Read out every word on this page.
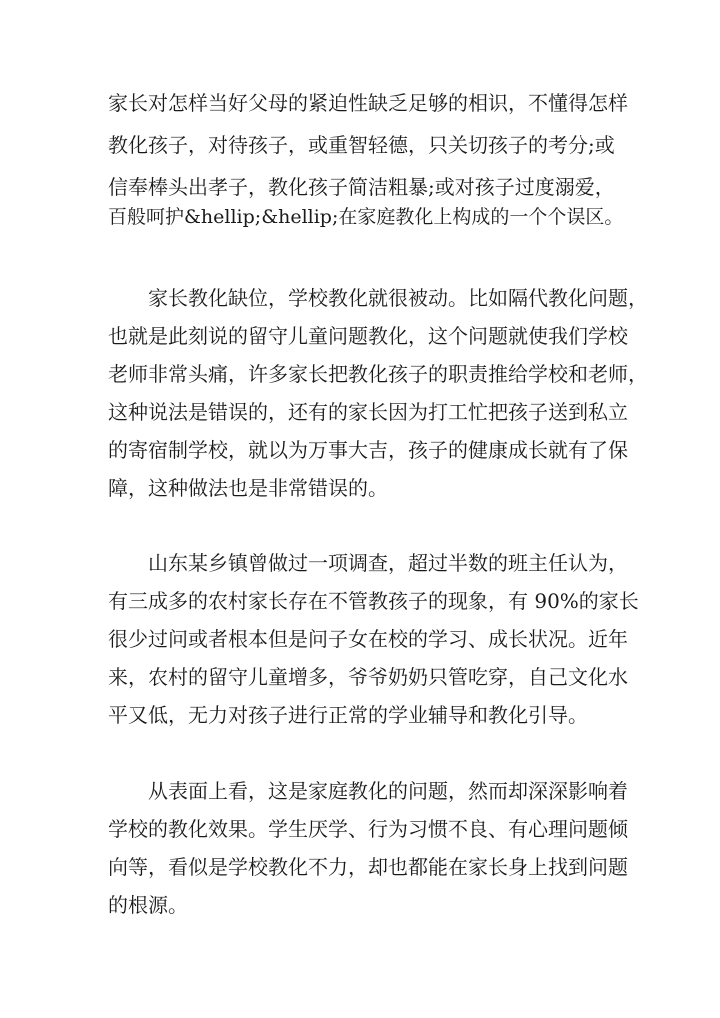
家长对怎样当好父母的紧迫性缺乏足够的相识，不懂得怎样
教化孩子，对待孩子，或重智轻德，只关切孩子的考分;或
信奉棒头出孝子，教化孩子简洁粗暴;或对孩子过度溺爱，
百般呵护&hellip;&hellip;在家庭教化上构成的一个个误区。
家长教化缺位，学校教化就很被动。比如隔代教化问题，
也就是此刻说的留守儿童问题教化，这个问题就使我们学校
老师非常头痛，许多家长把教化孩子的职责推给学校和老师，
这种说法是错误的，还有的家长因为打工忙把孩子送到私立
的寄宿制学校，就以为万事大吉，孩子的健康成长就有了保
障，这种做法也是非常错误的。
山东某乡镇曾做过一项调查，超过半数的班主任认为，
有三成多的农村家长存在不管教孩子的现象，有 90%的家长
很少过问或者根本但是问子女在校的学习、成长状况。近年
来，农村的留守儿童增多，爷爷奶奶只管吃穿，自己文化水
平又低，无力对孩子进行正常的学业辅导和教化引导。
从表面上看，这是家庭教化的问题，然而却深深影响着
学校的教化效果。学生厌学、行为习惯不良、有心理问题倾
向等，看似是学校教化不力，却也都能在家长身上找到问题
的根源。
